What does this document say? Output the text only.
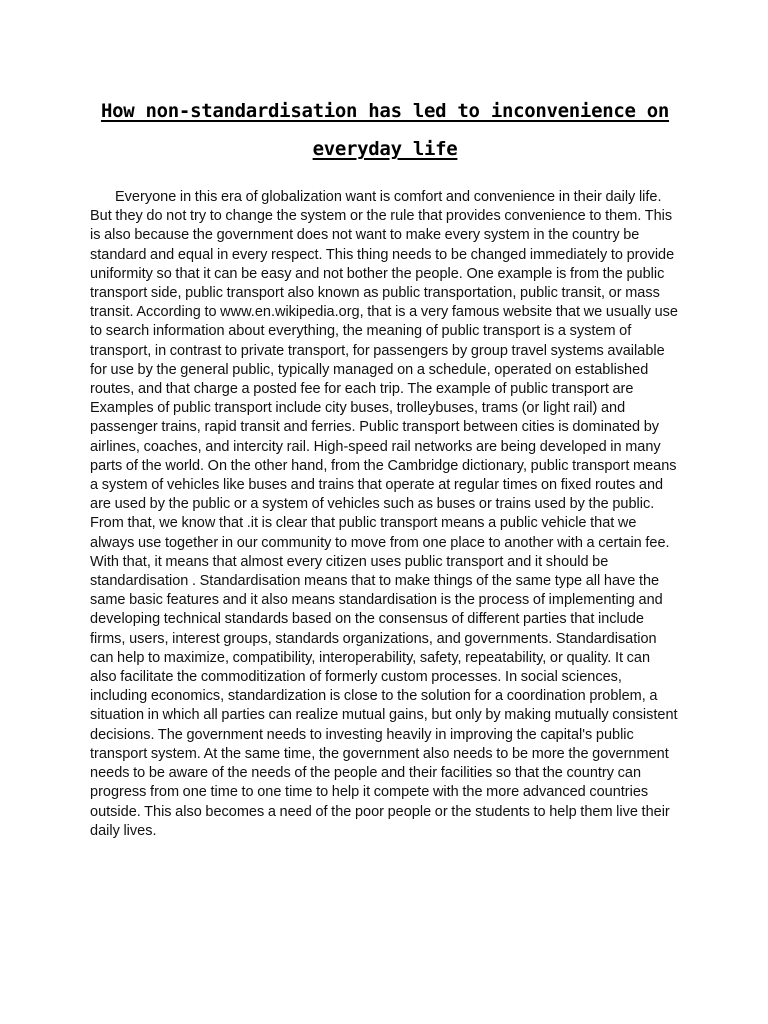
How non-standardisation has led to inconvenience on everyday life

Everyone in this era of globalization want is comfort and convenience in their daily life. But they do not try to change the system or the rule that provides convenience to them. This is also because the government does not want to make every system in the country be standard and equal in every respect. This thing needs to be changed immediately to provide uniformity so that it can be easy and not bother the people. One example is from the public transport side, public transport also known as public transportation, public transit, or mass transit. According to www.en.wikipedia.org, that is a very famous website that we usually use to search information about everything, the meaning of public transport is a system of transport, in contrast to private transport, for passengers by group travel systems available for use by the general public, typically managed on a schedule, operated on established routes, and that charge a posted fee for each trip. The example of public transport are Examples of public transport include city buses, trolleybuses, trams (or light rail) and passenger trains, rapid transit and ferries. Public transport between cities is dominated by airlines, coaches, and intercity rail. High-speed rail networks are being developed in many parts of the world. On the other hand, from the Cambridge dictionary, public transport means a system of vehicles like buses and trains that operate at regular times on fixed routes and are used by the public or a system of vehicles such as buses or trains used by the public. From that, we know that .it is clear that public transport means a public vehicle that we always use together in our community to move from one place to another with a certain fee. With that, it means that almost every citizen uses public transport and it should be standardisation . Standardisation means that to make things of the same type all have the same basic features and it also means standardisation is the process of implementing and developing technical standards based on the consensus of different parties that include firms, users, interest groups, standards organizations, and governments. Standardisation can help to maximize, compatibility, interoperability, safety, repeatability, or quality. It can also facilitate the commoditization of formerly custom processes. In social sciences, including economics, standardization is close to the solution for a coordination problem, a situation in which all parties can realize mutual gains, but only by making mutually consistent decisions. The government needs to investing heavily in improving the capital's public transport system. At the same time, the government also needs to be more the government needs to be aware of the needs of the people and their facilities so that the country can progress from one time to one time to help it compete with the more advanced countries outside. This also becomes a need of the poor people or the students to help them live their daily lives.
